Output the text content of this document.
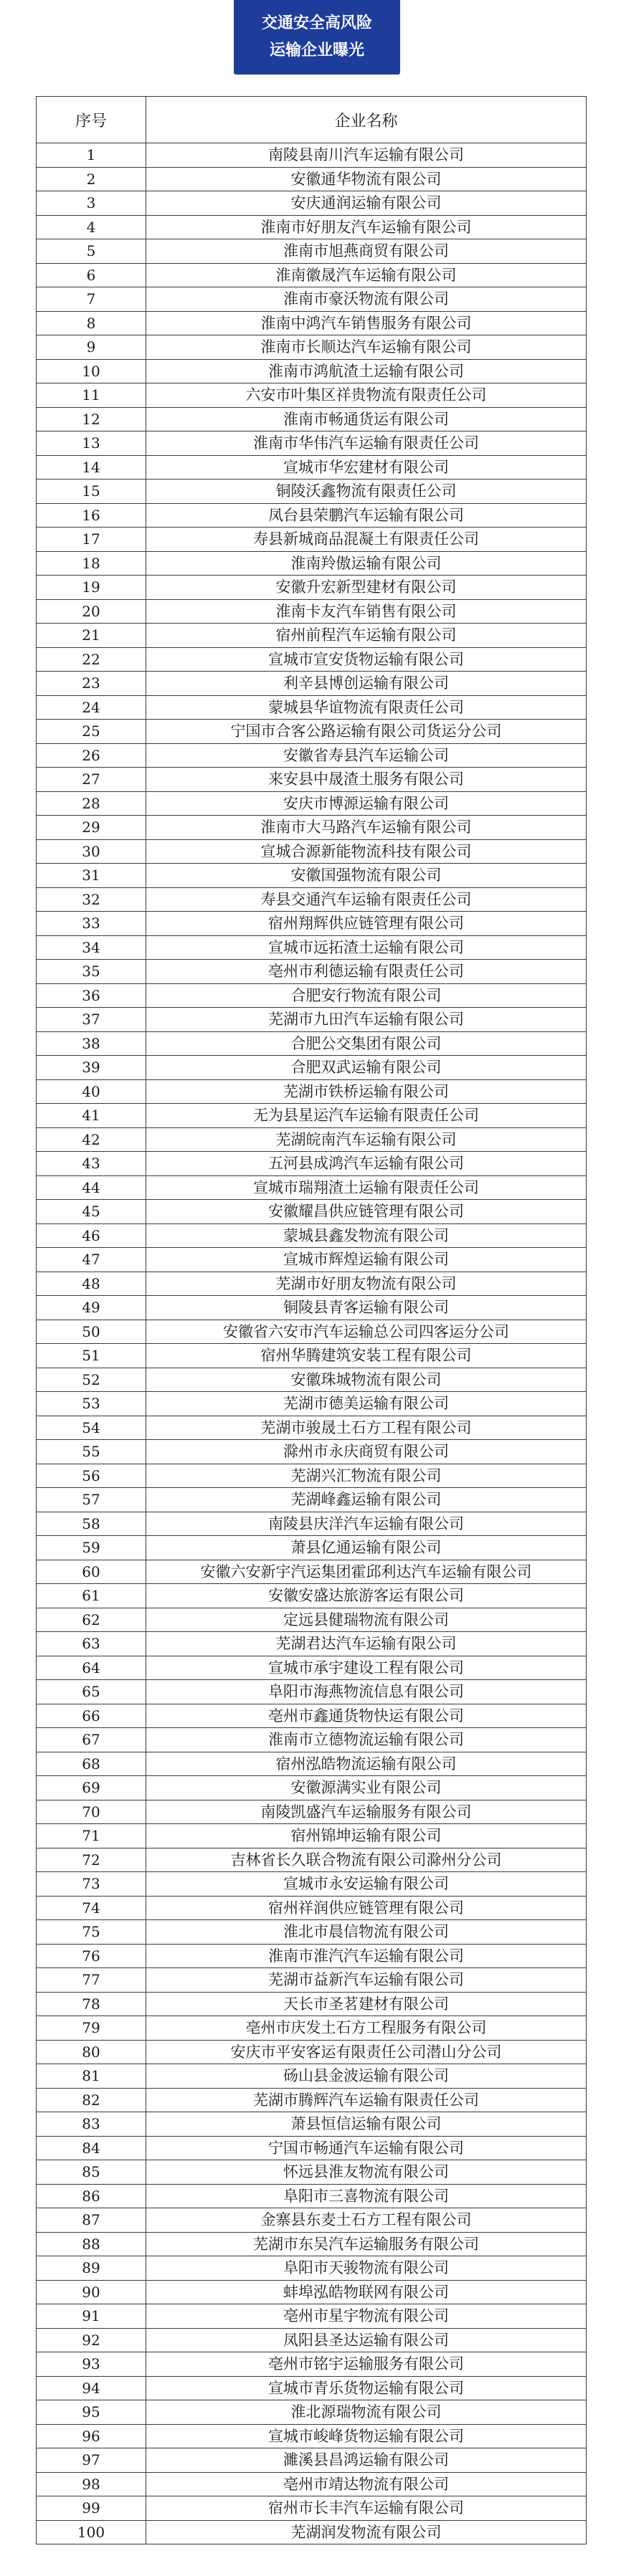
交通安全高风险
运输企业曝光
序号	企业名称
1	南陵县南川汽车运输有限公司
2	安徽通华物流有限公司
3	安庆通润运输有限公司
4	淮南市好朋友汽车运输有限公司
5	淮南市旭燕商贸有限公司
6	淮南徽晟汽车运输有限公司
7	淮南市豪沃物流有限公司
8	淮南中鸿汽车销售服务有限公司
9	淮南市长顺达汽车运输有限公司
10	淮南市鸿航渣土运输有限公司
11	六安市叶集区祥贵物流有限责任公司
12	淮南市畅通货运有限公司
13	淮南市华伟汽车运输有限责任公司
14	宣城市华宏建材有限公司
15	铜陵沃鑫物流有限责任公司
16	凤台县荣鹏汽车运输有限公司
17	寿县新城商品混凝土有限责任公司
18	淮南羚傲运输有限公司
19	安徽升宏新型建材有限公司
20	淮南卡友汽车销售有限公司
21	宿州前程汽车运输有限公司
22	宣城市宣安货物运输有限公司
23	利辛县博创运输有限公司
24	蒙城县华谊物流有限责任公司
25	宁国市合客公路运输有限公司货运分公司
26	安徽省寿县汽车运输公司
27	来安县中晟渣土服务有限公司
28	安庆市博源运输有限公司
29	淮南市大马路汽车运输有限公司
30	宣城合源新能物流科技有限公司
31	安徽国强物流有限公司
32	寿县交通汽车运输有限责任公司
33	宿州翔辉供应链管理有限公司
34	宣城市远拓渣土运输有限公司
35	亳州市利德运输有限责任公司
36	合肥安行物流有限公司
37	芜湖市九田汽车运输有限公司
38	合肥公交集团有限公司
39	合肥双武运输有限公司
40	芜湖市铁桥运输有限公司
41	无为县星运汽车运输有限责任公司
42	芜湖皖南汽车运输有限公司
43	五河县成鸿汽车运输有限公司
44	宣城市瑞翔渣土运输有限责任公司
45	安徽耀昌供应链管理有限公司
46	蒙城县鑫发物流有限公司
47	宣城市辉煌运输有限公司
48	芜湖市好朋友物流有限公司
49	铜陵县青客运输有限公司
50	安徽省六安市汽车运输总公司四客运分公司
51	宿州华腾建筑安装工程有限公司
52	安徽珠城物流有限公司
53	芜湖市德美运输有限公司
54	芜湖市骏晟土石方工程有限公司
55	滁州市永庆商贸有限公司
56	芜湖兴汇物流有限公司
57	芜湖峰鑫运输有限公司
58	南陵县庆洋汽车运输有限公司
59	萧县亿通运输有限公司
60	安徽六安新宇汽运集团霍邱利达汽车运输有限公司
61	安徽安盛达旅游客运有限公司
62	定远县健瑞物流有限公司
63	芜湖君达汽车运输有限公司
64	宣城市承宇建设工程有限公司
65	阜阳市海燕物流信息有限公司
66	亳州市鑫通货物快运有限公司
67	淮南市立德物流运输有限公司
68	宿州泓皓物流运输有限公司
69	安徽源满实业有限公司
70	南陵凯盛汽车运输服务有限公司
71	宿州锦坤运输有限公司
72	吉林省长久联合物流有限公司滁州分公司
73	宣城市永安运输有限公司
74	宿州祥润供应链管理有限公司
75	淮北市晨信物流有限公司
76	淮南市淮汽汽车运输有限公司
77	芜湖市益新汽车运输有限公司
78	天长市圣茗建材有限公司
79	亳州市庆发土石方工程服务有限公司
80	安庆市平安客运有限责任公司潜山分公司
81	砀山县金波运输有限公司
82	芜湖市腾辉汽车运输有限责任公司
83	萧县恒信运输有限公司
84	宁国市畅通汽车运输有限公司
85	怀远县淮友物流有限公司
86	阜阳市三喜物流有限公司
87	金寨县东麦土石方工程有限公司
88	芜湖市东吴汽车运输服务有限公司
89	阜阳市天骏物流有限公司
90	蚌埠泓皓物联网有限公司
91	亳州市星宇物流有限公司
92	凤阳县圣达运输有限公司
93	亳州市铭宇运输服务有限公司
94	宣城市青乐货物运输有限公司
95	淮北源瑞物流有限公司
96	宣城市峻峰货物运输有限公司
97	濉溪县昌鸿运输有限公司
98	亳州市靖达物流有限公司
99	宿州市长丰汽车运输有限公司
100	芜湖润发物流有限公司
